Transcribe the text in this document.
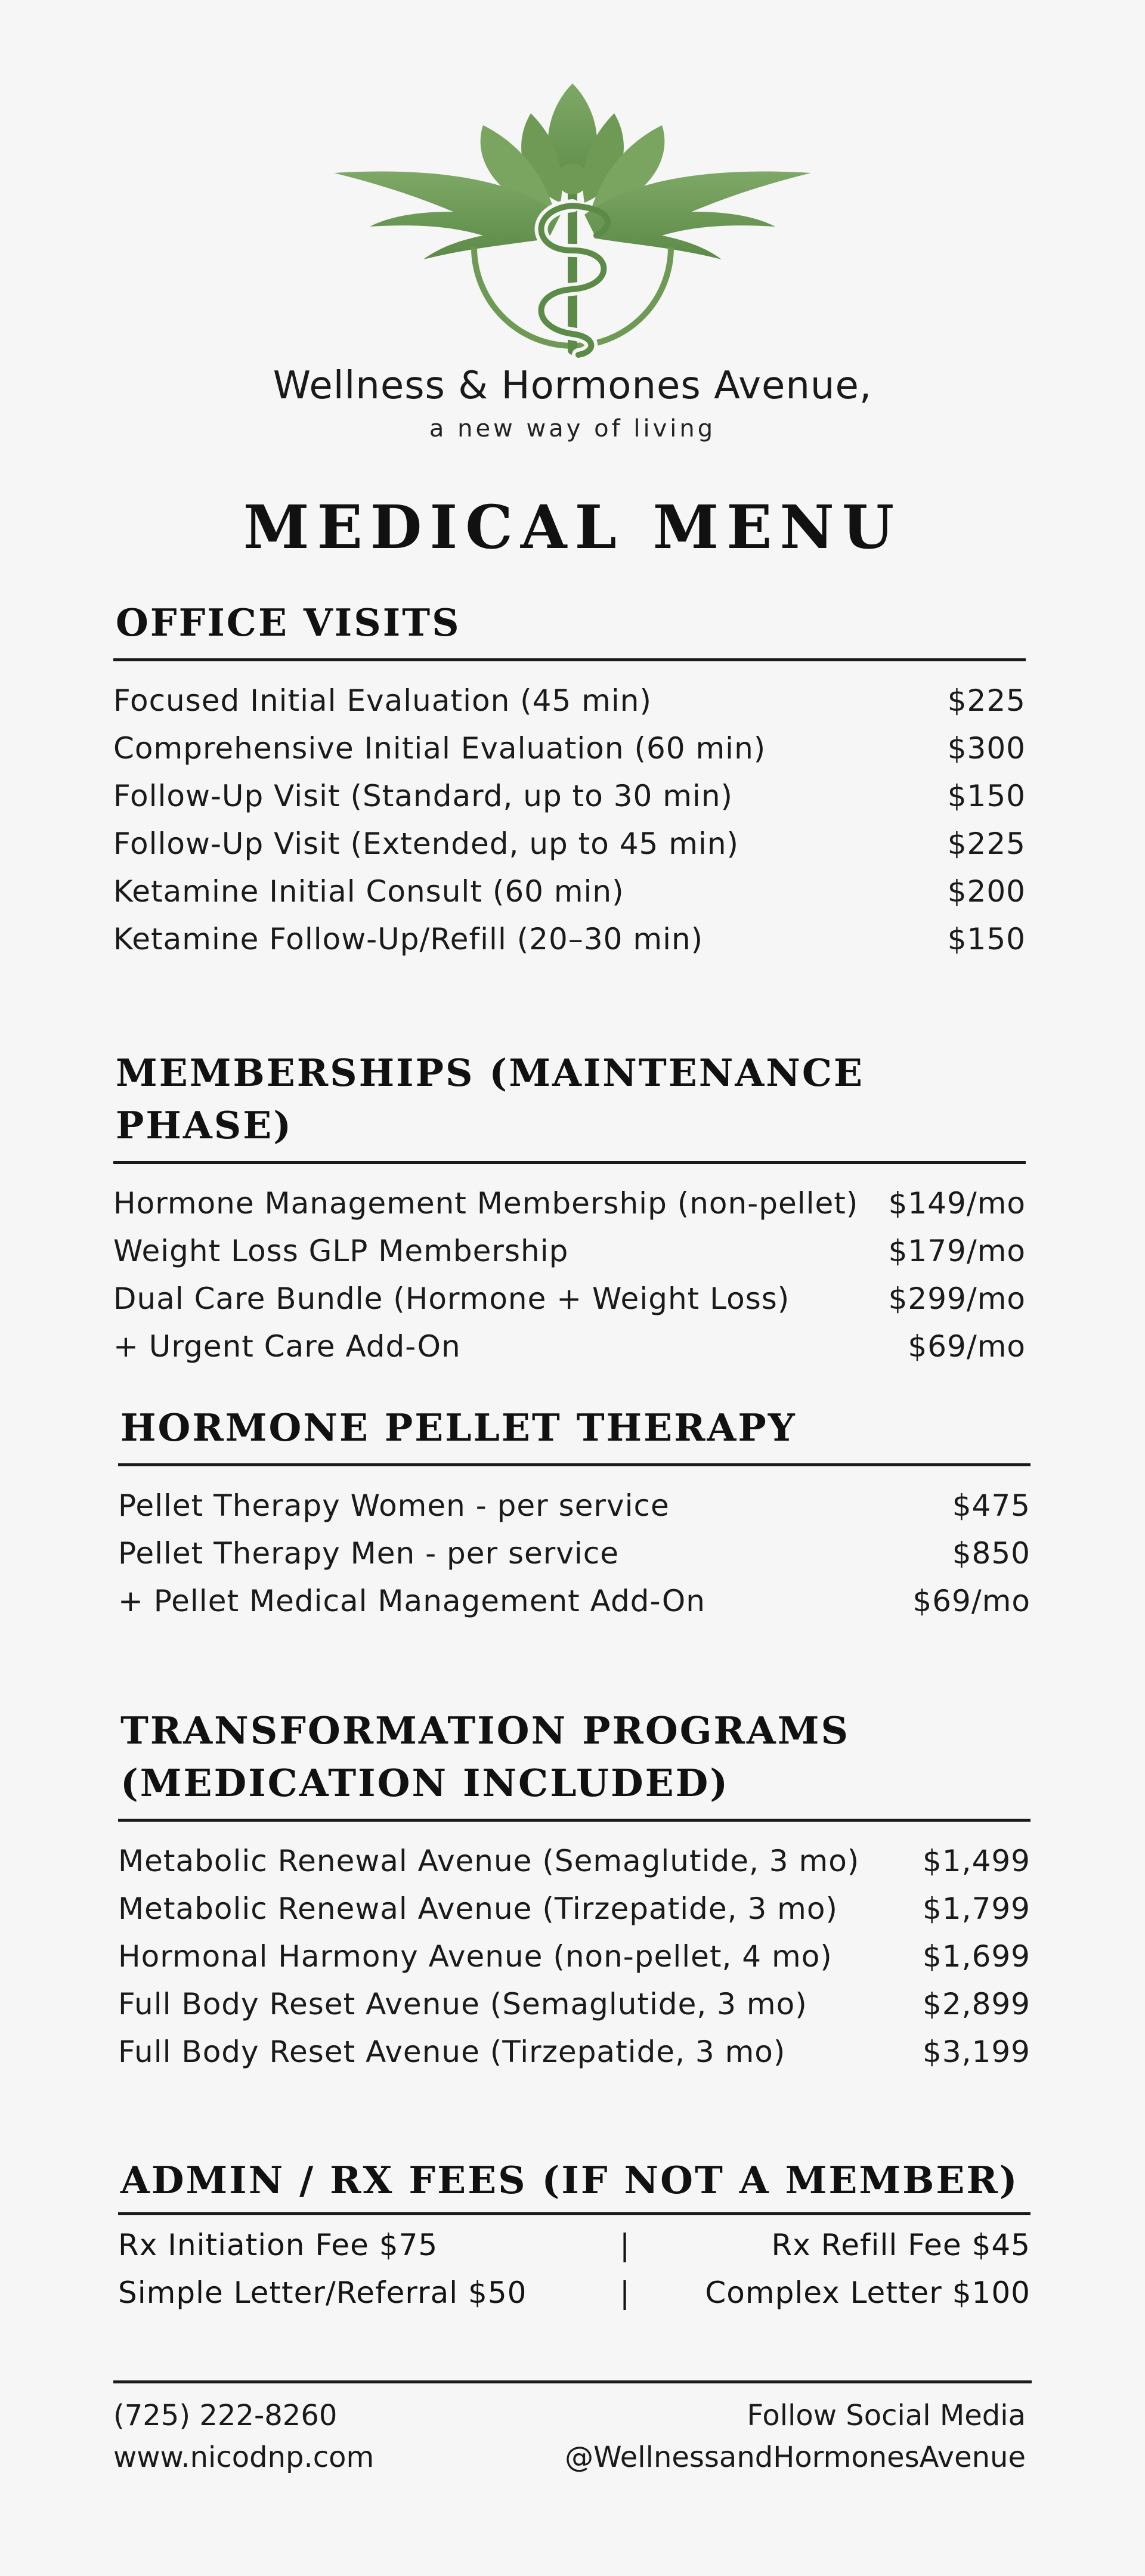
Wellness & Hormones Avenue,
a new way of living
MEDICAL MENU
OFFICE VISITS
Focused Initial Evaluation (45 min)	$225
Comprehensive Initial Evaluation (60 min)	$300
Follow-Up Visit (Standard, up to 30 min)	$150
Follow-Up Visit (Extended, up to 45 min)	$225
Ketamine Initial Consult (60 min)	$200
Ketamine Follow-Up/Refill (20–30 min)	$150
MEMBERSHIPS (MAINTENANCE PHASE)
Hormone Management Membership (non-pellet) $149/mo
Weight Loss GLP Membership	$179/mo
Dual Care Bundle (Hormone + Weight Loss)	$299/mo
+ Urgent Care Add-On	$69/mo
HORMONE PELLET THERAPY
Pellet Therapy Women - per service	$475
Pellet Therapy Men - per service	$850
+ Pellet Medical Management Add-On	$69/mo
TRANSFORMATION PROGRAMS
(MEDICATION INCLUDED)
Metabolic Renewal Avenue (Semaglutide, 3 mo) $1,499
Metabolic Renewal Avenue (Tirzepatide, 3 mo)	$1,799
Hormonal Harmony Avenue (non-pellet, 4 mo)	$1,699
Full Body Reset Avenue (Semaglutide, 3 mo)	$2,899
Full Body Reset Avenue (Tirzepatide, 3 mo)	$3,199
ADMIN / RX FEES (IF NOT A MEMBER)
Rx Initiation Fee $75	|	Rx Refill Fee $45
Simple Letter/Referral $50	|	Complex Letter $100
(725) 222-8260	Follow Social Media
www.nicodnp.com	@WellnessandHormonesAvenue
